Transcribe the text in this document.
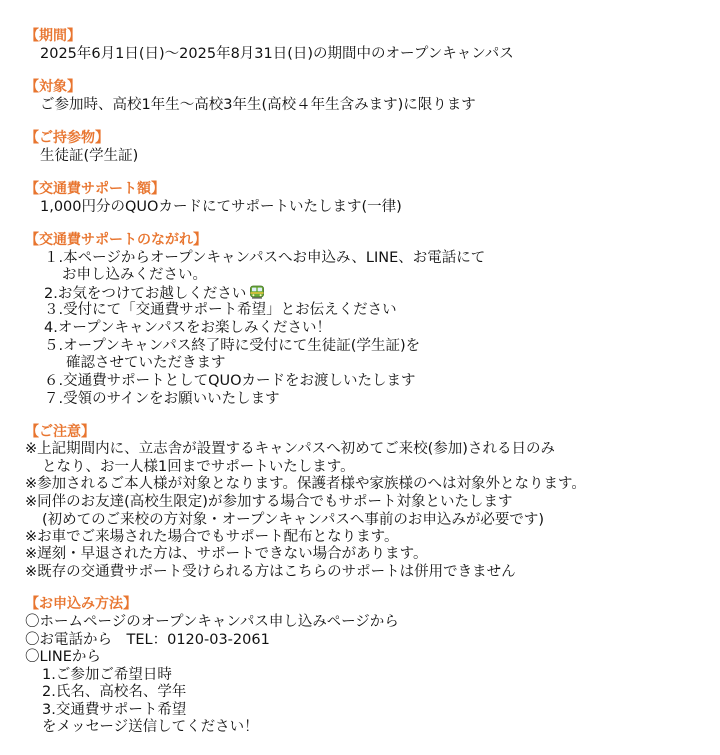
【期間】
2025年6月1日(日)〜2025年8月31日(日)の期間中のオープンキャンパス
【対象】
ご参加時、高校1年生〜高校3年生(高校４年生含みます)に限ります
【ご持参物】
生徒証(学生証)
【交通費サポート額】
1,000円分のQUOカードにてサポートいたします(一律)
【交通費サポートのながれ】
１.本ページからオープンキャンパスへお申込み、LINE、お電話にて
お申し込みください。
2.お気をつけてお越しください
３.受付にて「交通費サポート希望」とお伝えください
4.オープンキャンパスをお楽しみください！
５.オープンキャンパス終了時に受付にて生徒証(学生証)を
確認させていただきます
６.交通費サポートとしてQUOカードをお渡しいたします
７.受領のサインをお願いいたします
【ご注意】
※上記期間内に、立志舎が設置するキャンパスへ初めてご来校(参加)される日のみ
となり、お一人様1回までサポートいたします。
※参加されるご本人様が対象となります。保護者様や家族様のへは対象外となります。
※同伴のお友達(高校生限定)が参加する場合でもサポート対象といたします
(初めてのご来校の方対象・オープンキャンパスへ事前のお申込みが必要です)
※お車でご来場された場合でもサポート配布となります。
※遅刻・早退された方は、サポートできない場合があります。
※既存の交通費サポート受けられる方はこちらのサポートは併用できません
【お申込み方法】
〇ホームページのオープンキャンパス申し込みページから
〇お電話から　TEL：0120-03-2061
〇LINEから
1.ご参加ご希望日時
2.氏名、高校名、学年
3.交通費サポート希望
をメッセージ送信してください！
